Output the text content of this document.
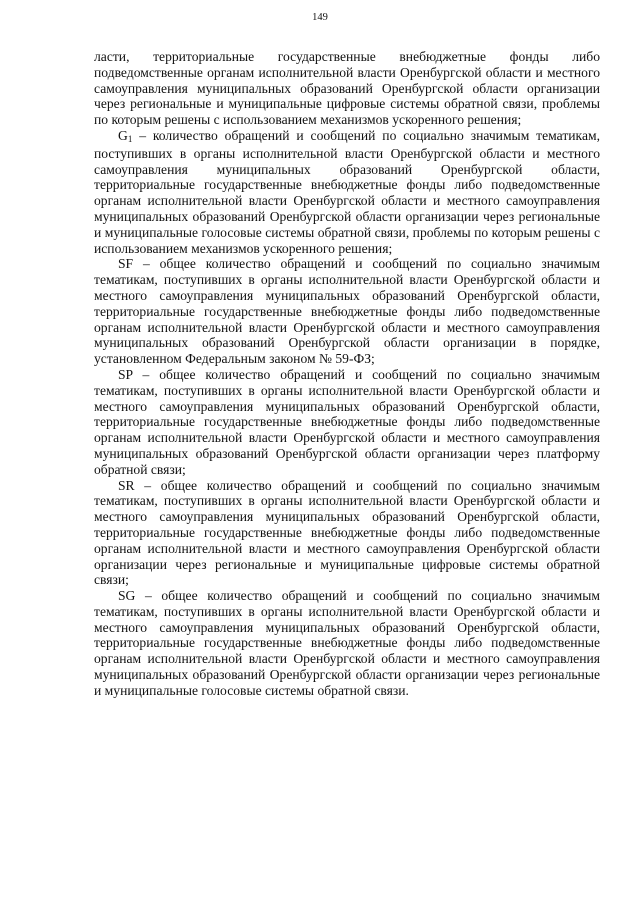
149

ласти, территориальные государственные внебюджетные фонды либо подведомственные органам исполнительной власти Оренбургской области и местного самоуправления муниципальных образований Оренбургской области организации через региональные и муниципальные цифровые системы обратной связи, проблемы по которым решены с использованием механизмов ускоренного решения;

$G_1$ – количество обращений и сообщений по социально значимым тематикам, поступивших в органы исполнительной власти Оренбургской области и местного самоуправления муниципальных образований Оренбургской области, территориальные государственные внебюджетные фонды либо подведомственные органам исполнительной власти Оренбургской области и местного самоуправления муниципальных образований Оренбургской области организации через региональные и муниципальные голосовые системы обратной связи, проблемы по которым решены с использованием механизмов ускоренного решения;

SF – общее количество обращений и сообщений по социально значимым тематикам, поступивших в органы исполнительной власти Оренбургской области и местного самоуправления муниципальных образований Оренбургской области, территориальные государственные внебюджетные фонды либо подведомственные органам исполнительной власти Оренбургской области и местного самоуправления муниципальных образований Оренбургской области организации в порядке, установленном Федеральным законом № 59-ФЗ;

SP – общее количество обращений и сообщений по социально значимым тематикам, поступивших в органы исполнительной власти Оренбургской области и местного самоуправления муниципальных образований Оренбургской области, территориальные государственные внебюджетные фонды либо подведомственные органам исполнительной власти Оренбургской области и местного самоуправления муниципальных образований Оренбургской области организации через платформу обратной связи;

SR – общее количество обращений и сообщений по социально значимым тематикам, поступивших в органы исполнительной власти Оренбургской области и местного самоуправления муниципальных образований Оренбургской области, территориальные государственные внебюджетные фонды либо подведомственные органам исполнительной власти и местного самоуправления Оренбургской области организации через региональные и муниципальные цифровые системы обратной связи;

SG – общее количество обращений и сообщений по социально значимым тематикам, поступивших в органы исполнительной власти Оренбургской области и местного самоуправления муниципальных образований Оренбургской области, территориальные государственные внебюджетные фонды либо подведомственные органам исполнительной власти Оренбургской области и местного самоуправления муниципальных образований Оренбургской области организации через региональные и муниципальные голосовые системы обратной связи.
